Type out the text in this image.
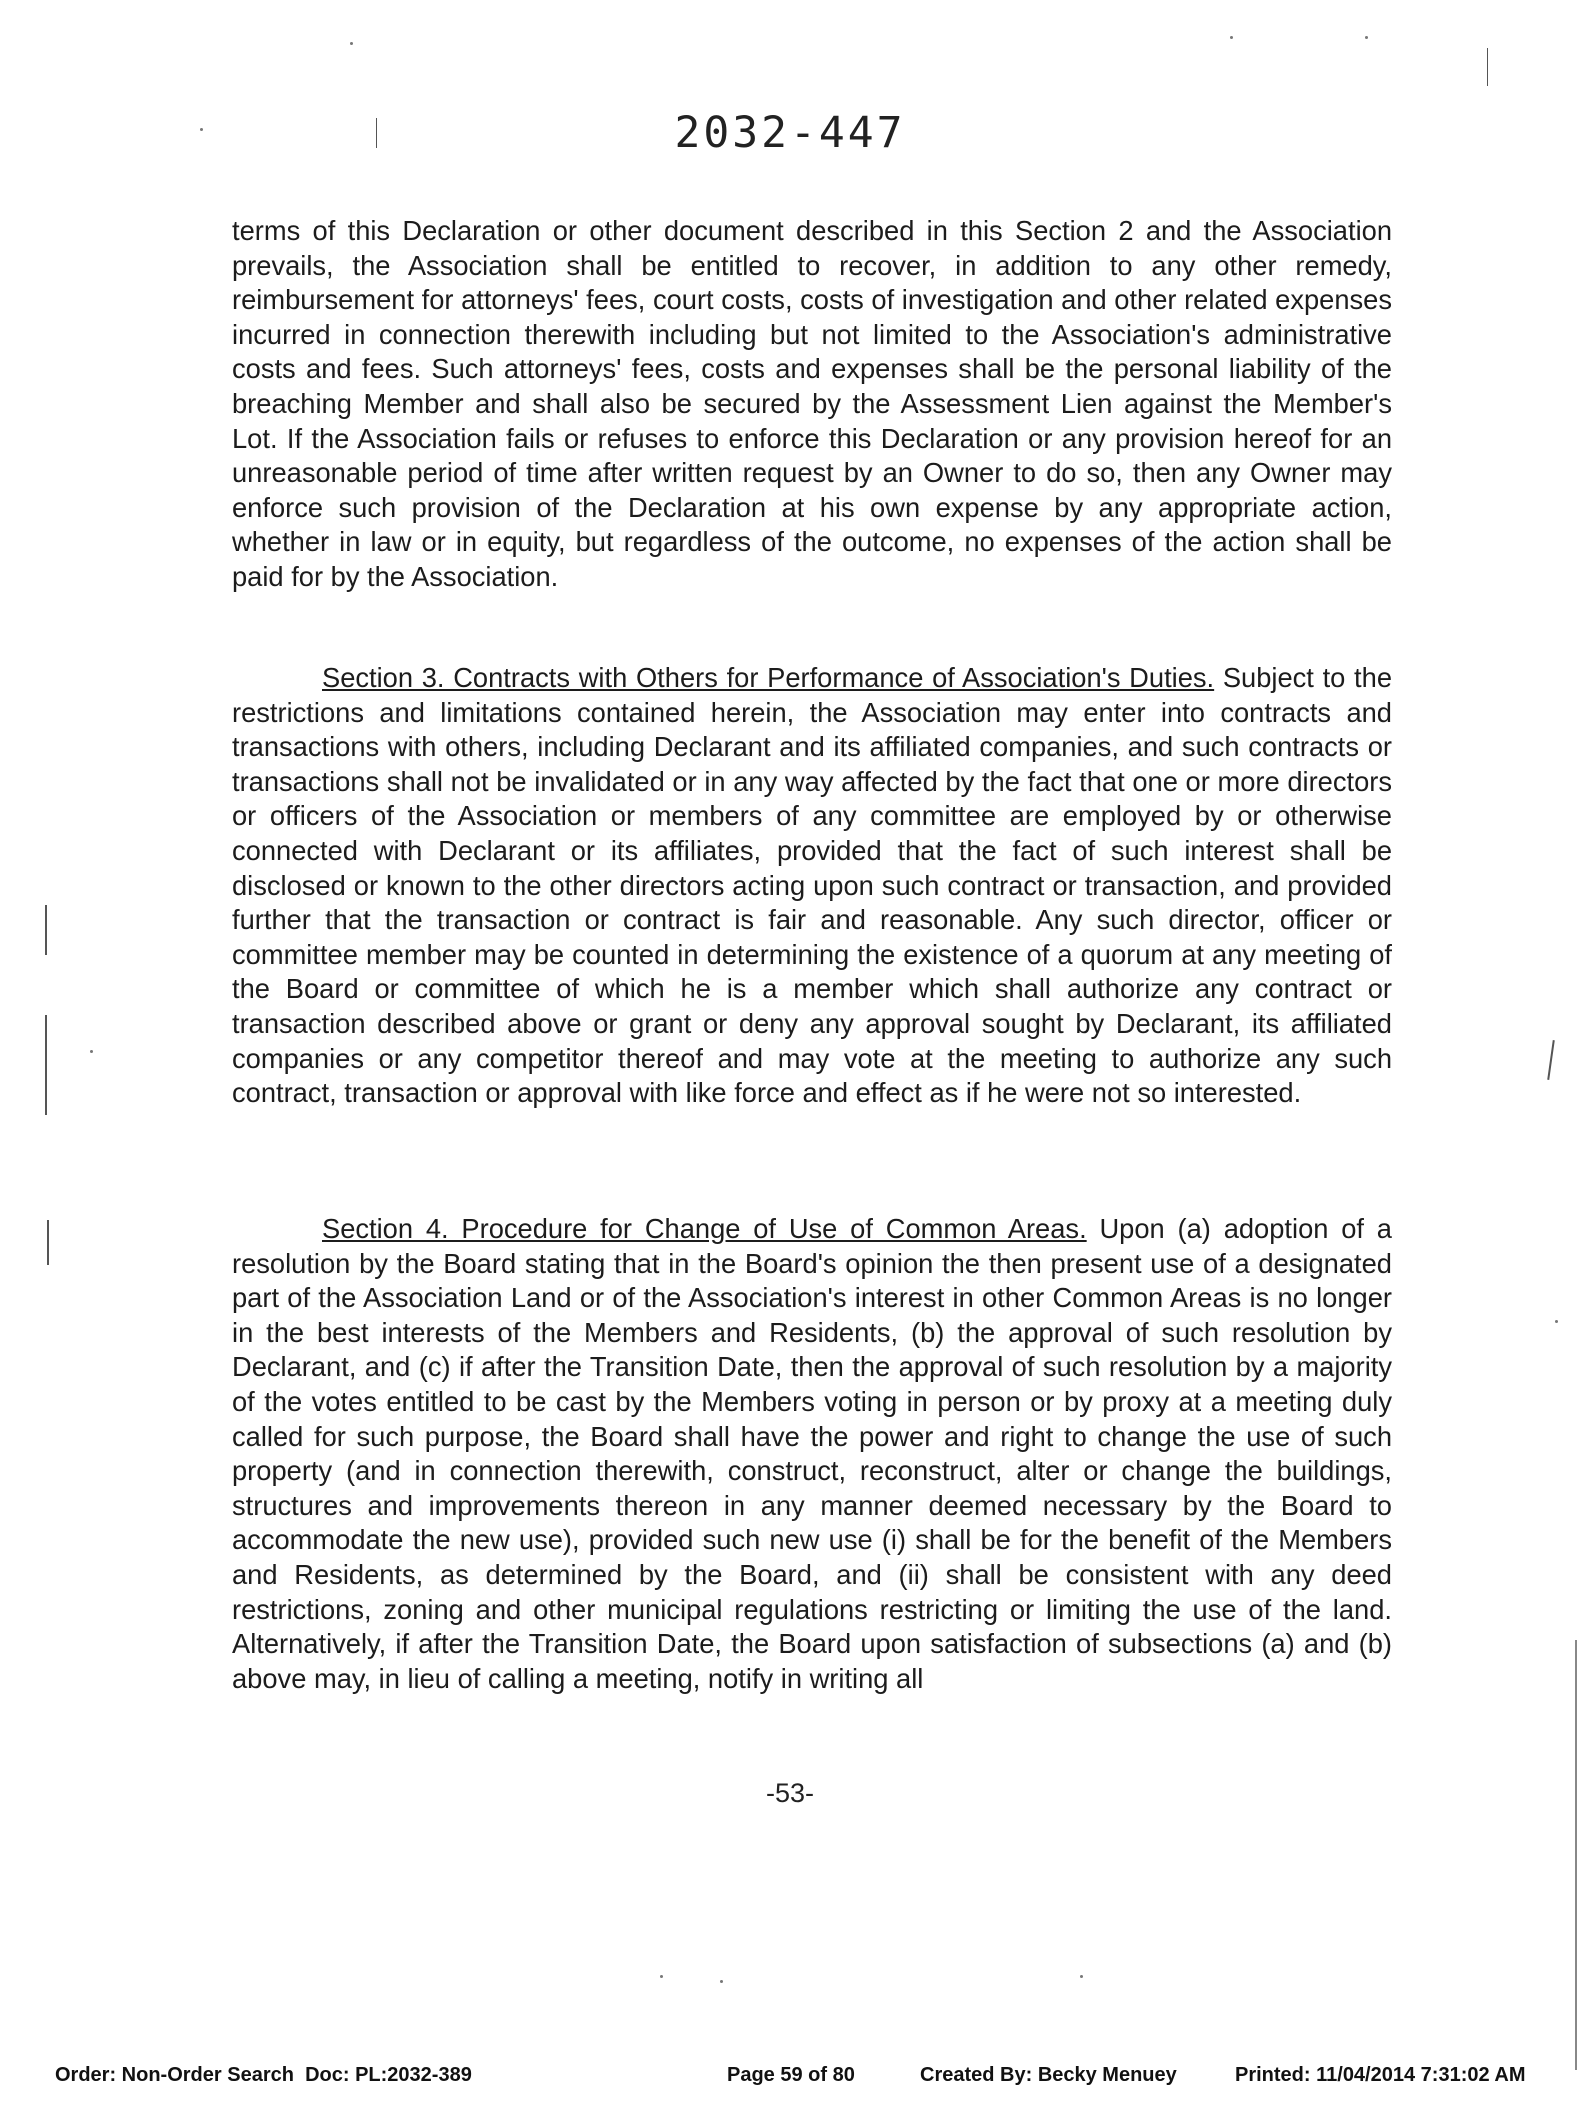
2032-447

terms of this Declaration or other document described in this Section 2 and the Association prevails, the Association shall be entitled to recover, in addition to any other remedy, reimbursement for attorneys' fees, court costs, costs of investigation and other related expenses incurred in connection therewith including but not limited to the Association's administrative costs and fees. Such attorneys' fees, costs and expenses shall be the personal liability of the breaching Member and shall also be secured by the Assessment Lien against the Member's Lot. If the Association fails or refuses to enforce this Declaration or any provision hereof for an unreasonable period of time after written request by an Owner to do so, then any Owner may enforce such provision of the Declaration at his own expense by any appropriate action, whether in law or in equity, but regardless of the outcome, no expenses of the action shall be paid for by the Association.

Section 3. Contracts with Others for Performance of Association's Duties. Subject to the restrictions and limitations contained herein, the Association may enter into contracts and transactions with others, including Declarant and its affiliated companies, and such contracts or transactions shall not be invalidated or in any way affected by the fact that one or more directors or officers of the Association or members of any committee are employed by or otherwise connected with Declarant or its affiliates, provided that the fact of such interest shall be disclosed or known to the other directors acting upon such contract or transaction, and provided further that the transaction or contract is fair and reasonable. Any such director, officer or committee member may be counted in determining the existence of a quorum at any meeting of the Board or committee of which he is a member which shall authorize any contract or transaction described above or grant or deny any approval sought by Declarant, its affiliated companies or any competitor thereof and may vote at the meeting to authorize any such contract, transaction or approval with like force and effect as if he were not so interested.

Section 4. Procedure for Change of Use of Common Areas. Upon (a) adoption of a resolution by the Board stating that in the Board's opinion the then present use of a designated part of the Association Land or of the Association's interest in other Common Areas is no longer in the best interests of the Members and Residents, (b) the approval of such resolution by Declarant, and (c) if after the Transition Date, then the approval of such resolution by a majority of the votes entitled to be cast by the Members voting in person or by proxy at a meeting duly called for such purpose, the Board shall have the power and right to change the use of such property (and in connection therewith, construct, reconstruct, alter or change the buildings, structures and improvements thereon in any manner deemed necessary by the Board to accommodate the new use), provided such new use (i) shall be for the benefit of the Members and Residents, as determined by the Board, and (ii) shall be consistent with any deed restrictions, zoning and other municipal regulations restricting or limiting the use of the land. Alternatively, if after the Transition Date, the Board upon satisfaction of subsections (a) and (b) above may, in lieu of calling a meeting, notify in writing all

-53-
Order: Non-Order Search Doc: PL:2032-389	Page 59 of 80	Created By: Becky Menuey	Printed: 11/04/2014 7:31:02 AM
